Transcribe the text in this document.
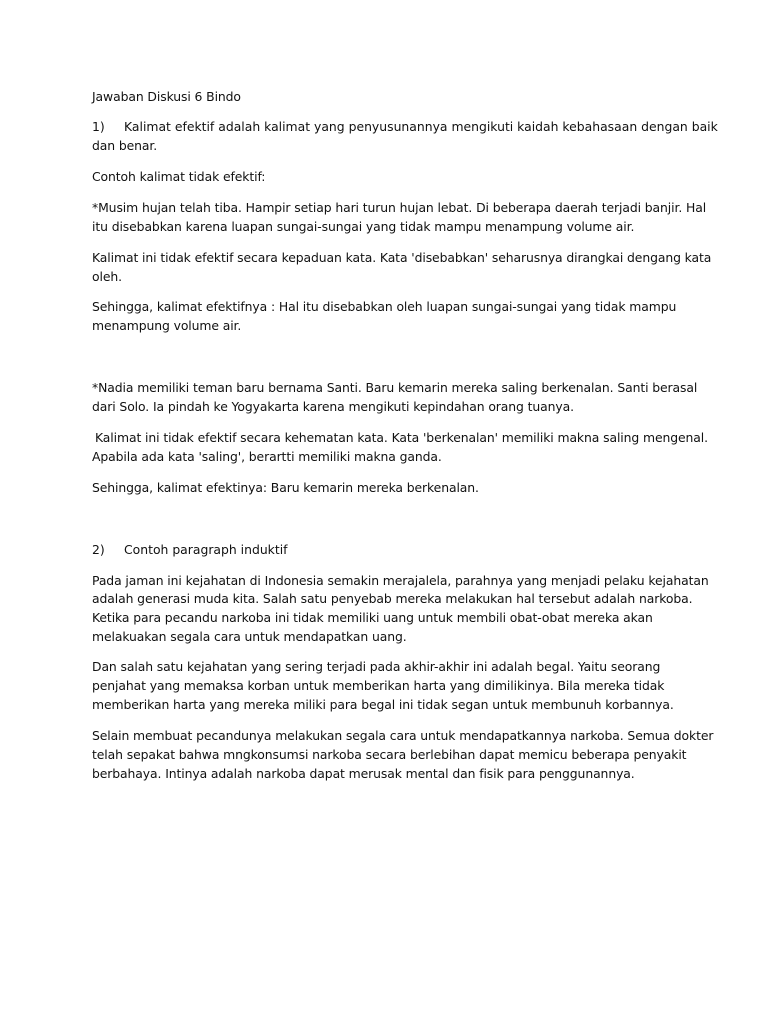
Jawaban Diskusi 6 Bindo
1) Kalimat efektif adalah kalimat yang penyusunannya mengikuti kaidah kebahasaan dengan baik
dan benar.
Contoh kalimat tidak efektif:
*Musim hujan telah tiba. Hampir setiap hari turun hujan lebat. Di beberapa daerah terjadi banjir. Hal
itu disebabkan karena luapan sungai-sungai yang tidak mampu menampung volume air.
Kalimat ini tidak efektif secara kepaduan kata. Kata 'disebabkan' seharusnya dirangkai dengang kata
oleh.
Sehingga, kalimat efektifnya : Hal itu disebabkan oleh luapan sungai-sungai yang tidak mampu
menampung volume air.
*Nadia memiliki teman baru bernama Santi. Baru kemarin mereka saling berkenalan. Santi berasal
dari Solo. Ia pindah ke Yogyakarta karena mengikuti kepindahan orang tuanya.
Kalimat ini tidak efektif secara kehematan kata. Kata 'berkenalan' memiliki makna saling mengenal.
Apabila ada kata 'saling', berartti memiliki makna ganda.
Sehingga, kalimat efektinya: Baru kemarin mereka berkenalan.
2) Contoh paragraph induktif
Pada jaman ini kejahatan di Indonesia semakin merajalela, parahnya yang menjadi pelaku kejahatan
adalah generasi muda kita. Salah satu penyebab mereka melakukan hal tersebut adalah narkoba.
Ketika para pecandu narkoba ini tidak memiliki uang untuk membili obat-obat mereka akan
melakuakan segala cara untuk mendapatkan uang.
Dan salah satu kejahatan yang sering terjadi pada akhir-akhir ini adalah begal. Yaitu seorang
penjahat yang memaksa korban untuk memberikan harta yang dimilikinya. Bila mereka tidak
memberikan harta yang mereka miliki para begal ini tidak segan untuk membunuh korbannya.
Selain membuat pecandunya melakukan segala cara untuk mendapatkannya narkoba. Semua dokter
telah sepakat bahwa mngkonsumsi narkoba secara berlebihan dapat memicu beberapa penyakit
berbahaya. Intinya adalah narkoba dapat merusak mental dan fisik para penggunannya.
